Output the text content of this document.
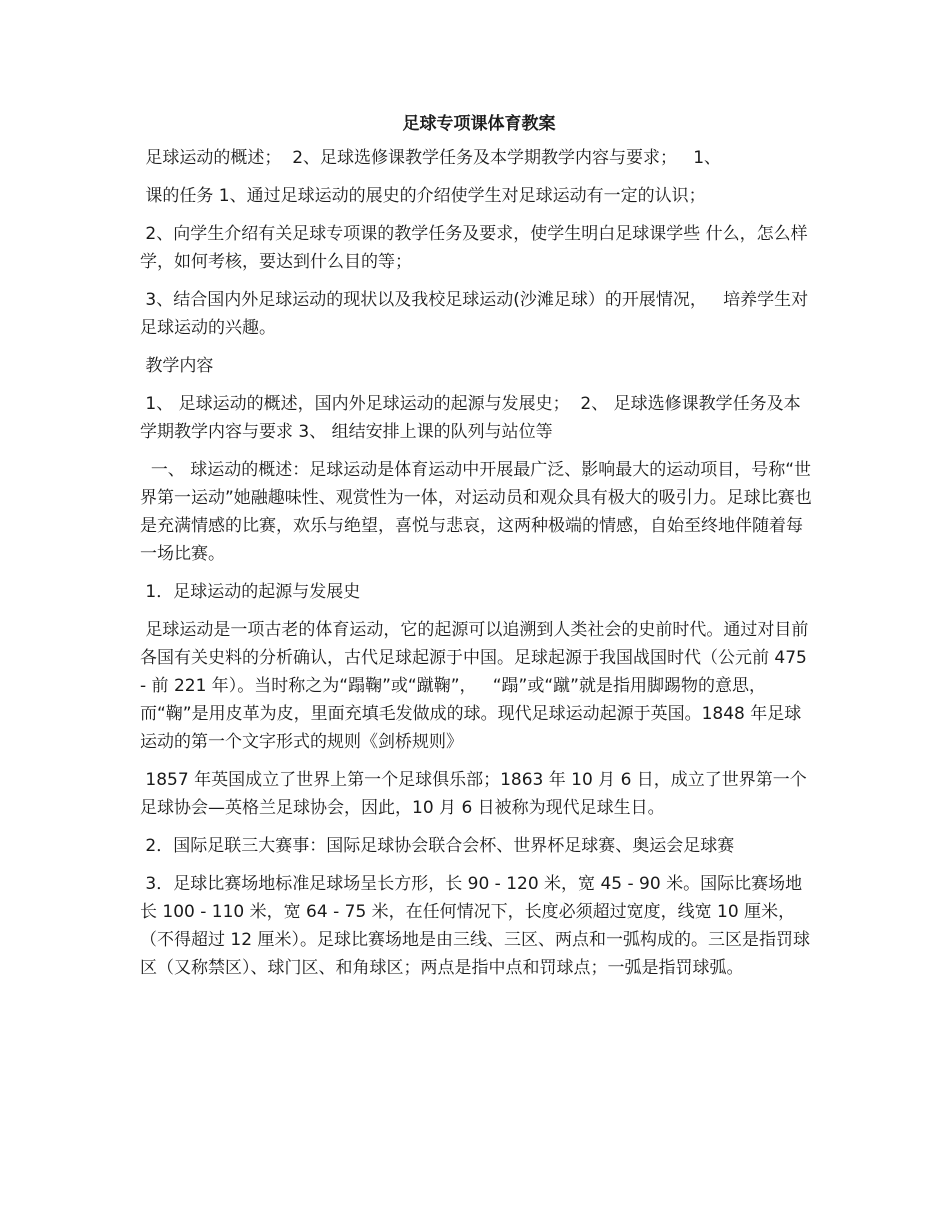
足球专项课体育教案

足球运动的概述；  2、足球选修课教学任务及本学期教学内容与要求；   1、

课的任务 1、通过足球运动的展史的介绍使学生对足球运动有一定的认识；

2、向学生介绍有关足球专项课的教学任务及要求，使学生明白足球课学些 什么，怎么样学，如何考核，要达到什么目的等；

3、结合国内外足球运动的现状以及我校足球运动(沙滩足球）的开展情况，   培养学生对足球运动的兴趣。

教学内容

1、 足球运动的概述，国内外足球运动的起源与发展史；  2、 足球选修课教学任务及本学期教学内容与要求 3、 组结安排上课的队列与站位等

一、 球运动的概述：足球运动是体育运动中开展最广泛、影响最大的运动项目，号称“世界第一运动”她融趣味性、观赏性为一体，对运动员和观众具有极大的吸引力。足球比赛也是充满情感的比赛，欢乐与绝望，喜悦与悲哀，这两种极端的情感，自始至终地伴随着每一场比赛。

1．足球运动的起源与发展史

足球运动是一项古老的体育运动，它的起源可以追溯到人类社会的史前时代。通过对目前各国有关史料的分析确认，古代足球起源于中国。足球起源于我国战国时代（公元前 475 - 前 221 年）。当时称之为“蹋鞠”或“蹴鞠”，   “蹋”或“蹴”就是指用脚踢物的意思，而“鞠”是用皮革为皮，里面充填毛发做成的球。现代足球运动起源于英国。1848 年足球运动的第一个文字形式的规则《剑桥规则》

1857 年英国成立了世界上第一个足球俱乐部；1863 年 10 月 6 日，成立了世界第一个足球协会—英格兰足球协会，因此，10 月 6 日被称为现代足球生日。

2．国际足联三大赛事：国际足球协会联合会杯、世界杯足球赛、奥运会足球赛

3．足球比赛场地标准足球场呈长方形，长 90 - 120 米，宽 45 - 90 米。国际比赛场地长 100 - 110 米，宽 64 - 75 米，在任何情况下，长度必须超过宽度，线宽 10 厘米，  （不得超过 12 厘米）。足球比赛场地是由三线、三区、两点和一弧构成的。三区是指罚球区（又称禁区）、球门区、和角球区；两点是指中点和罚球点；一弧是指罚球弧。
